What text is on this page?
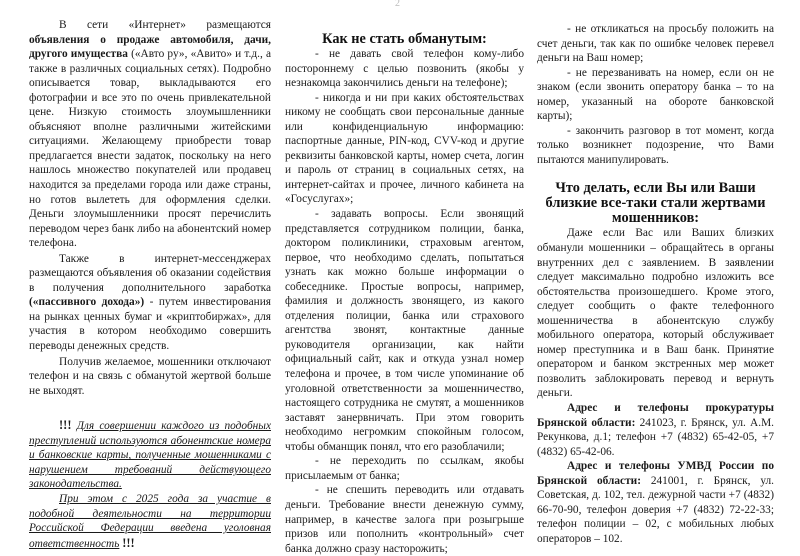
2

В сети «Интернет» размещаются объявления о продаже автомобиля, дачи, другого имущества («Авто ру», «Авито» и т.д., а также в различных социальных сетях). Подробно описывается товар, выкладываются его фотографии и все это по очень привлекательной цене. Низкую стоимость злоумышленники объясняют вполне различными житейскими ситуациями. Желающему приобрести товар предлагается внести задаток, поскольку на него нашлось множество покупателей или продавец находится за пределами города или даже страны, но готов вылететь для оформления сделки. Деньги злоумышленники просят перечислить переводом через банк либо на абонентский номер телефона.

Также в интернет-мессенджерах размещаются объявления об оказании содействия в получения дополнительного заработка («пассивного дохода») - путем инвестирования на рынках ценных бумаг и «криптобиржах», для участия в котором необходимо совершить переводы денежных средств.

Получив желаемое, мошенники отключают телефон и на связь с обманутой жертвой больше не выходят.

!!! Для совершении каждого из подобных преступлений используются абонентские номера и банковские карты, полученные мошенниками с нарушением требований действующего законодательства.

При этом с 2025 года за участие в подобной деятельности на территории Российской Федерации введена уголовная ответственность !!!

Как не стать обманутым:

- не давать свой телефон кому-либо постороннему с целью позвонить (якобы у незнакомца закончились деньги на телефоне);

- никогда и ни при каких обстоятельствах никому не сообщать свои персональные данные или конфиденциальную информацию: паспортные данные, PIN-код, CVV-код и другие реквизиты банковской карты, номер счета, логин и пароль от страниц в социальных сетях, на интернет-сайтах и прочее, личного кабинета на «Госуслугах»;

- задавать вопросы. Если звонящий представляется сотрудником полиции, банка, доктором поликлиники, страховым агентом, первое, что необходимо сделать, попытаться узнать как можно больше информации о собеседнике. Простые вопросы, например, фамилия и должность звонящего, из какого отделения полиции, банка или страхового агентства звонят, контактные данные руководителя организации, как найти официальный сайт, как и откуда узнал номер телефона и прочее, в том числе упоминание об уголовной ответственности за мошенничество, настоящего сотрудника не смутят, а мошенников заставят занервничать. При этом говорить необходимо негромким спокойным голосом, чтобы обманщик понял, что его разоблачили;

- не переходить по ссылкам, якобы присылаемым от банка;

- не спешить переводить или отдавать деньги. Требование внести денежную сумму, например, в качестве залога при розыгрыше призов или пополнить «контрольный» счет банка должно сразу насторожить;

- не откликаться на просьбу положить на счет деньги, так как по ошибке человек перевел деньги на Ваш номер;

- не перезванивать на номер, если он не знаком (если звонить оператору банка – то на номер, указанный на обороте банковской карты);

- закончить разговор в тот момент, когда только возникнет подозрение, что Вами пытаются манипулировать.

Что делать, если Вы или Ваши близкие все-таки стали жертвами мошенников:

Даже если Вас или Ваших близких обманули мошенники – обращайтесь в органы внутренних дел с заявлением. В заявлении следует максимально подробно изложить все обстоятельства произошедшего. Кроме этого, следует сообщить о факте телефонного мошенничества в абонентскую службу мобильного оператора, который обслуживает номер преступника и в Ваш банк. Принятие оператором и банком экстренных мер может позволить заблокировать перевод и вернуть деньги.

Адрес и телефоны прокуратуры Брянской области: 241023, г. Брянск, ул. А.М. Рекункова, д.1; телефон +7 (4832) 65-42-05, +7 (4832) 65-42-06.

Адрес и телефоны УМВД России по Брянской области: 241001, г. Брянск, ул. Советская, д. 102, тел. дежурной части +7 (4832) 66-70-90, телефон доверия +7 (4832) 72-22-33; телефон полиции – 02, с мобильных любых операторов – 102.
